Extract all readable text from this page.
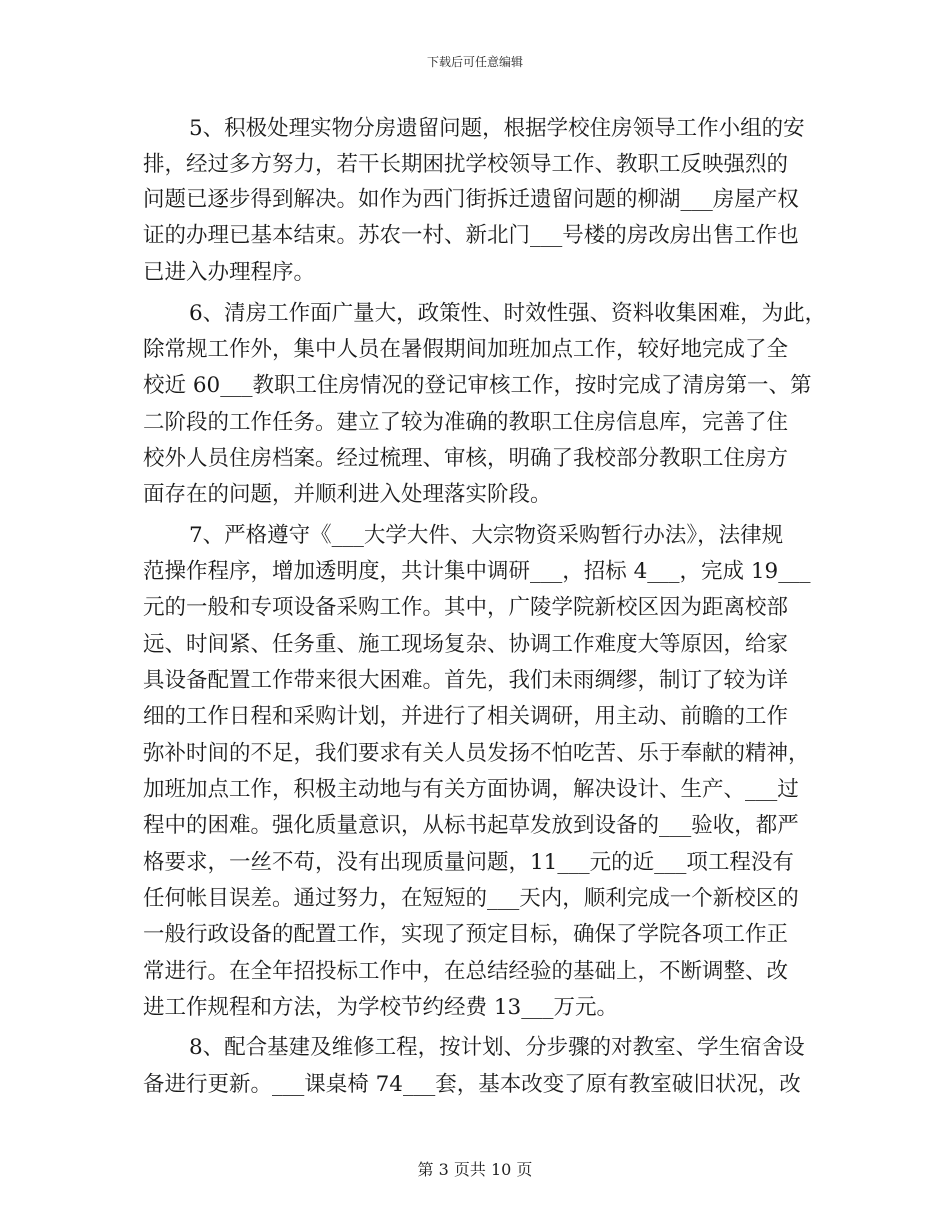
下载后可任意编辑
5、积极处理实物分房遗留问题，根据学校住房领导工作小组的安
排，经过多方努力，若干长期困扰学校领导工作、教职工反映强烈的
问题已逐步得到解决。如作为西门街拆迁遗留问题的柳湖___房屋产权
证的办理已基本结束。苏农一村、新北门___号楼的房改房出售工作也
已进入办理程序。
6、清房工作面广量大，政策性、时效性强、资料收集困难，为此，
除常规工作外，集中人员在暑假期间加班加点工作，较好地完成了全
校近 60___教职工住房情况的登记审核工作，按时完成了清房第一、第
二阶段的工作任务。建立了较为准确的教职工住房信息库，完善了住
校外人员住房档案。经过梳理、审核，明确了我校部分教职工住房方
面存在的问题，并顺利进入处理落实阶段。
7、严格遵守《___大学大件、大宗物资采购暂行办法》，法律规
范操作程序，增加透明度，共计集中调研___，招标 4___，完成 19___
元的一般和专项设备采购工作。其中，广陵学院新校区因为距离校部
远、时间紧、任务重、施工现场复杂、协调工作难度大等原因，给家
具设备配置工作带来很大困难。首先，我们未雨绸缪，制订了较为详
细的工作日程和采购计划，并进行了相关调研，用主动、前瞻的工作
弥补时间的不足，我们要求有关人员发扬不怕吃苦、乐于奉献的精神，
加班加点工作，积极主动地与有关方面协调，解决设计、生产、___过
程中的困难。强化质量意识，从标书起草发放到设备的___验收，都严
格要求，一丝不苟，没有出现质量问题，11___元的近___项工程没有
任何帐目误差。通过努力，在短短的___天内，顺利完成一个新校区的
一般行政设备的配置工作，实现了预定目标，确保了学院各项工作正
常进行。在全年招投标工作中，在总结经验的基础上，不断调整、改
进工作规程和方法，为学校节约经费 13___万元。
8、配合基建及维修工程，按计划、分步骤的对教室、学生宿舍设
备进行更新。___课桌椅 74___套，基本改变了原有教室破旧状况，改
第 3 页共 10 页
